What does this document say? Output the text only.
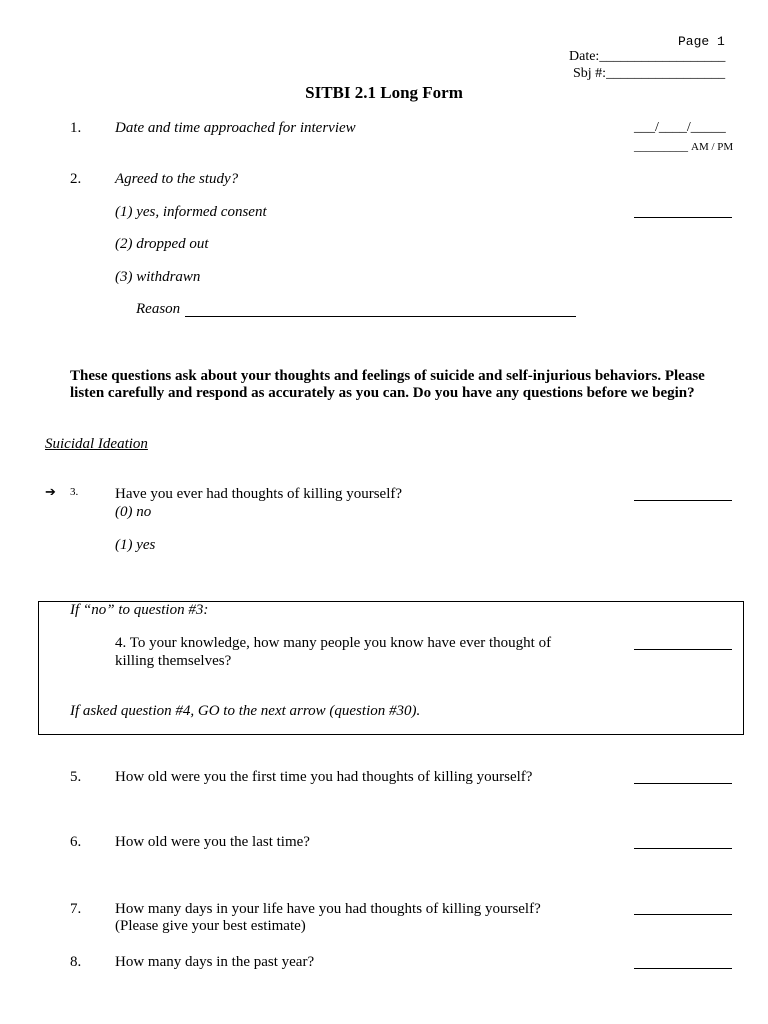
Page 1
Date:__________________
Sbj #:_________________
SITBI 2.1 Long Form
1. Date and time approached for interview	___/____/_____
_________ AM / PM
2. Agreed to the study?
(1) yes, informed consent
(2) dropped out
(3) withdrawn
Reason
These questions ask about your thoughts and feelings of suicide and self-injurious behaviors. Please
listen carefully and respond as accurately as you can. Do you have any questions before we begin?
Suicidal Ideation
➔ 3. Have you ever had thoughts of killing yourself?
(0) no
(1) yes
If “no” to question #3:
4. To your knowledge, how many people you know have ever thought of
killing themselves?
If asked question #4, GO to the next arrow (question #30).
5. How old were you the first time you had thoughts of killing yourself?
6. How old were you the last time?
7. How many days in your life have you had thoughts of killing yourself?
(Please give your best estimate)
8. How many days in the past year?
